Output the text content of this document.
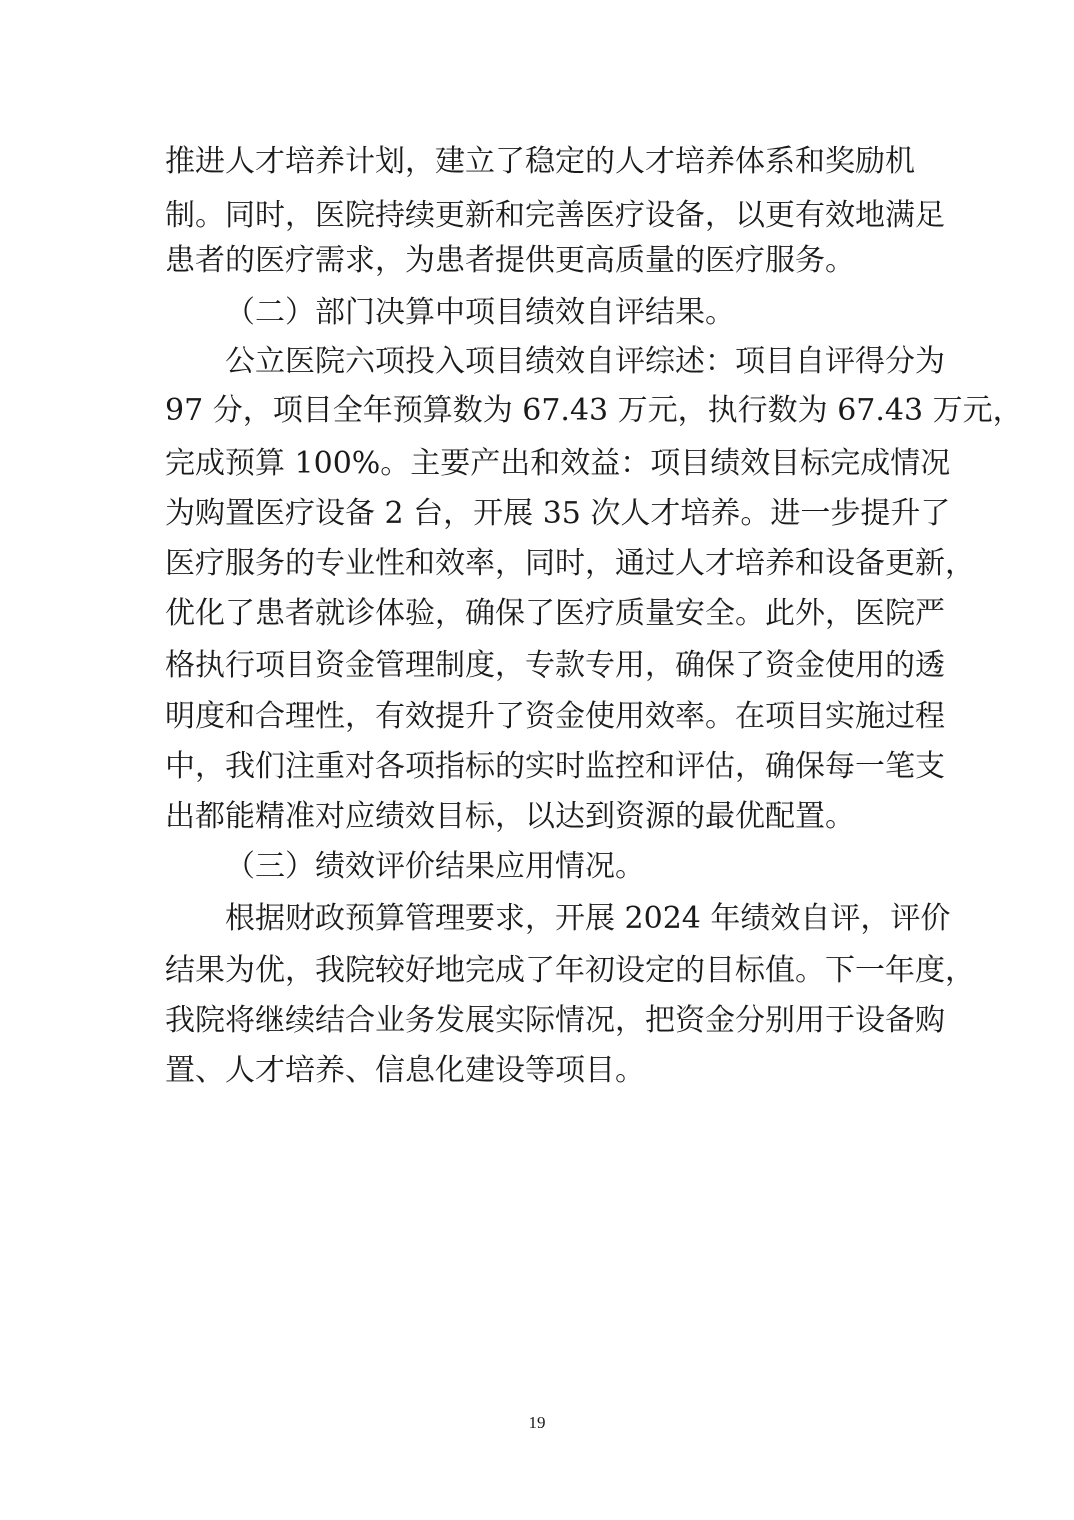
推进人才培养计划，建立了稳定的人才培养体系和奖励机
制。同时，医院持续更新和完善医疗设备，以更有效地满足
患者的医疗需求，为患者提供更高质量的医疗服务。
（二）部门决算中项目绩效自评结果。
公立医院六项投入项目绩效自评综述：项目自评得分为
97 分，项目全年预算数为 67.43 万元，执行数为 67.43 万元，
完成预算 100%。主要产出和效益：项目绩效目标完成情况
为购置医疗设备 2 台，开展 35 次人才培养。进一步提升了
医疗服务的专业性和效率，同时，通过人才培养和设备更新，
优化了患者就诊体验，确保了医疗质量安全。此外，医院严
格执行项目资金管理制度，专款专用，确保了资金使用的透
明度和合理性，有效提升了资金使用效率。在项目实施过程
中，我们注重对各项指标的实时监控和评估，确保每一笔支
出都能精准对应绩效目标，以达到资源的最优配置。
（三）绩效评价结果应用情况。
根据财政预算管理要求，开展 2024 年绩效自评，评价
结果为优，我院较好地完成了年初设定的目标值。下一年度，
我院将继续结合业务发展实际情况，把资金分别用于设备购
置、人才培养、信息化建设等项目。
19
